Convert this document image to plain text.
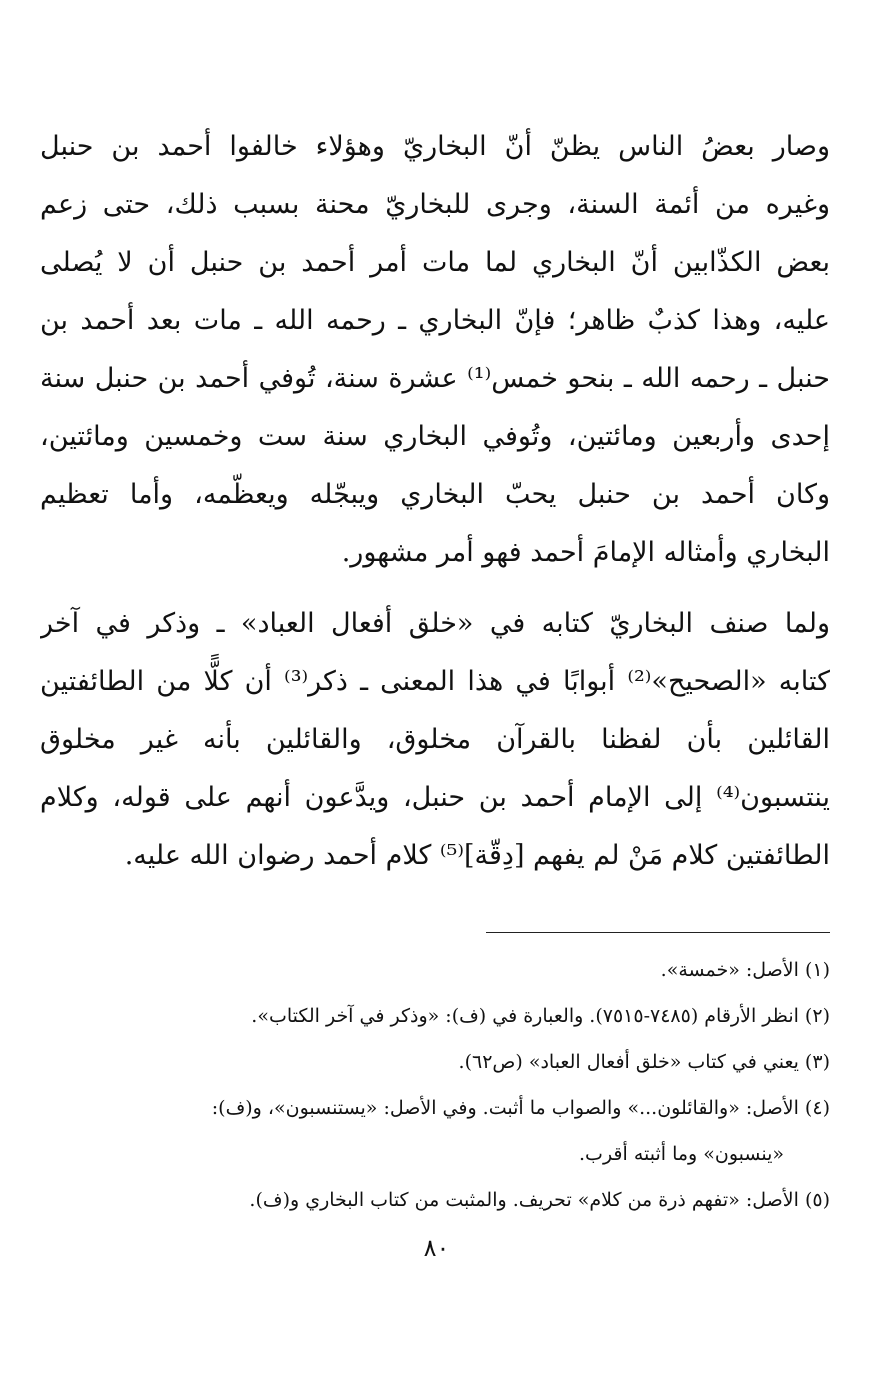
وصار بعضُ الناس يظنّ أنّ البخاريّ وهؤلاء خالفوا أحمد بن حنبل
وغيره من أئمة السنة، وجرى للبخاريّ محنة بسبب ذلك، حتى زعم
بعض الكذّابين أنّ البخاري لما مات أمر أحمد بن حنبل أن لا يُصلى
عليه، وهذا كذبٌ ظاهر؛ فإنّ البخاري ـ رحمه الله ـ مات بعد أحمد بن
حنبل ـ رحمه الله ـ بنحو خمس⁽¹⁾ عشرة سنة، تُوفي أحمد بن حنبل سنة
إحدى وأربعين ومائتين، وتُوفي البخاري سنة ست وخمسين ومائتين،
وكان أحمد بن حنبل يحبّ البخاري ويبجّله ويعظّمه، وأما تعظيم
البخاري وأمثاله الإمامَ أحمد فهو أمر مشهور.

ولما صنف البخاريّ كتابه في «خلق أفعال العباد» ـ وذكر في آخر
كتابه «الصحيح»⁽²⁾ أبوابًا في هذا المعنى ـ ذكر⁽³⁾ أن كلًّا من الطائفتين
القائلين بأن لفظنا بالقرآن مخلوق، والقائلين بأنه غير مخلوق
ينتسبون⁽⁴⁾ إلى الإمام أحمد بن حنبل، ويدَّعون أنهم على قوله، وكلام
الطائفتين كلام مَنْ لم يفهم [دِقّة]⁽⁵⁾ كلام أحمد رضوان الله عليه.

(١) الأصل: «خمسة».
(٢) انظر الأرقام (٧٤٨٥-٧٥١٥). والعبارة في (ف): «وذكر في آخر الكتاب».
(٣) يعني في كتاب «خلق أفعال العباد» (ص٦٢).
(٤) الأصل: «والقائلون...» والصواب ما أثبت. وفي الأصل: «يستنسبون»، و(ف):
«ينسبون» وما أثبته أقرب.
(٥) الأصل: «تفهم ذرة من كلام» تحريف. والمثبت من كتاب البخاري و(ف).
٨٠
